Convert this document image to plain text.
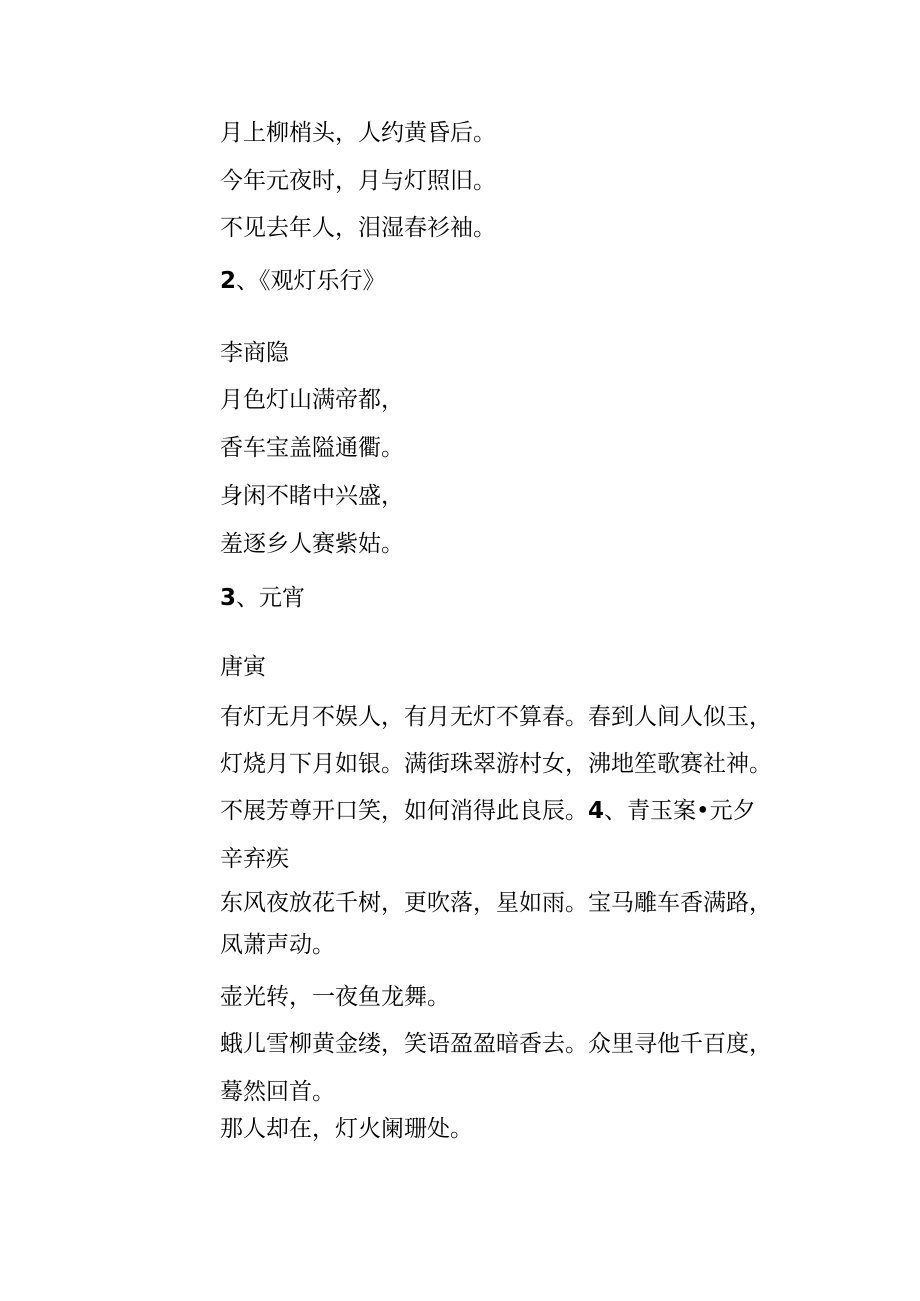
月上柳梢头，人约黄昏后。
今年元夜时，月与灯照旧。
不见去年人，泪湿春衫袖。
2、《观灯乐行》
李商隐
月色灯山满帝都，
香车宝盖隘通衢。
身闲不睹中兴盛，
羞逐乡人赛紫姑。
3、元宵
唐寅
有灯无月不娱人，有月无灯不算春。春到人间人似玉，
灯烧月下月如银。满街珠翠游村女，沸地笙歌赛社神。
不展芳尊开口笑，如何消得此良辰。4、青玉案•元夕
辛弃疾
东风夜放花千树，更吹落，星如雨。宝马雕车香满路，
凤萧声动。
壶光转，一夜鱼龙舞。
蛾儿雪柳黄金缕，笑语盈盈暗香去。众里寻他千百度，
蓦然回首。
那人却在，灯火阑珊处。
